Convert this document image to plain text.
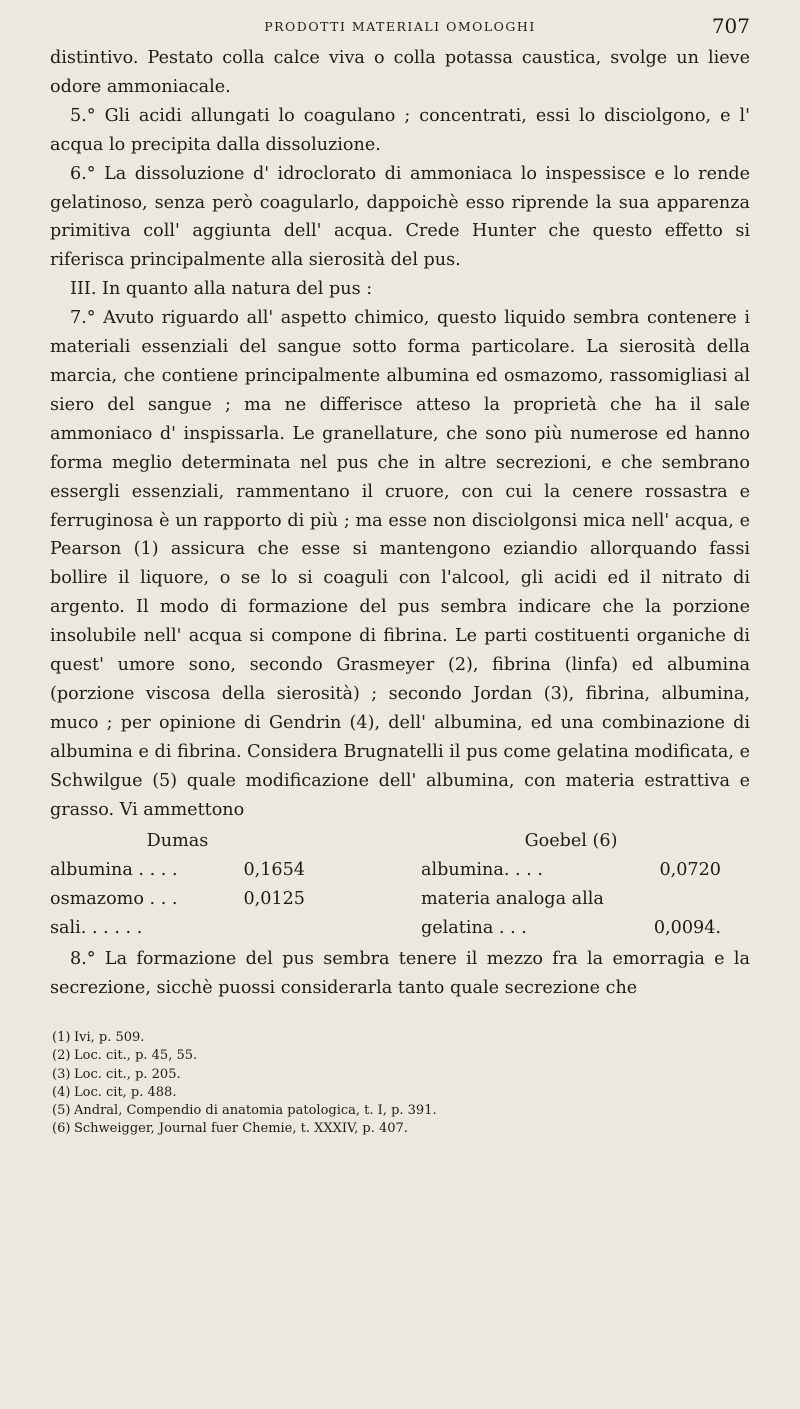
PRODOTTI MATERIALI OMOLOGHI	707

distintivo. Pestato colla calce viva o colla potassa caustica, svolge un lieve odore ammoniacale.

5.° Gli acidi allungati lo coagulano ; concentrati, essi lo disciolgono, e l' acqua lo precipita dalla dissoluzione.

6.° La dissoluzione d' idroclorato di ammoniaca lo inspessisce e lo rende gelatinoso, senza però coagularlo, dappoichè esso riprende la sua apparenza primitiva coll' aggiunta dell' acqua. Crede Hunter che questo effetto si riferisca principalmente alla sierosità del pus.

III. In quanto alla natura del pus :

7.° Avuto riguardo all' aspetto chimico, questo liquido sembra contenere i materiali essenziali del sangue sotto forma particolare. La sierosità della marcia, che contiene principalmente albumina ed osmazomo, rassomigliasi al siero del sangue ; ma ne differisce atteso la proprietà che ha il sale ammoniaco d' inspissarla. Le granellature, che sono più numerose ed hanno forma meglio determinata nel pus che in altre secrezioni, e che sembrano essergli essenziali, rammentano il cruore, con cui la cenere rossastra e ferruginosa è un rapporto di più ; ma esse non disciolgonsi mica nell' acqua, e Pearson (1) assicura che esse si mantengono eziandio allorquando fassi bollire il liquore, o se lo si coaguli con l'alcool, gli acidi ed il nitrato di argento. Il modo di formazione del pus sembra indicare che la porzione insolubile nell' acqua si compone di fibrina. Le parti costituenti organiche di quest' umore sono, secondo Grasmeyer (2), fibrina (linfa) ed albumina (porzione viscosa della sierosità) ; secondo Jordan (3), fibrina, albumina, muco ; per opinione di Gendrin (4), dell' albumina, ed una combinazione di albumina e di fibrina. Considera Brugnatelli il pus come gelatina modificata, e Schwilgue (5) quale modificazione dell' albumina, con materia estrattiva e grasso. Vi ammettono

Dumas
albumina . . . .	0,1654
osmazomo . . .	0,0125
sali. . . . . .
Goebel (6)
albumina. . . .	0,0720
materia analoga alla
gelatina . . .	0,0094.

8.° La formazione del pus sembra tenere il mezzo fra la emorragia e la secrezione, sicchè puossi considerarla tanto quale secrezione che

(1) Ivi, p. 509.
(2) Loc. cit., p. 45, 55.
(3) Loc. cit., p. 205.
(4) Loc. cit, p. 488.
(5) Andral, Compendio di anatomia patologica, t. I, p. 391.
(6) Schweigger, Journal fuer Chemie, t. XXXIV, p. 407.
